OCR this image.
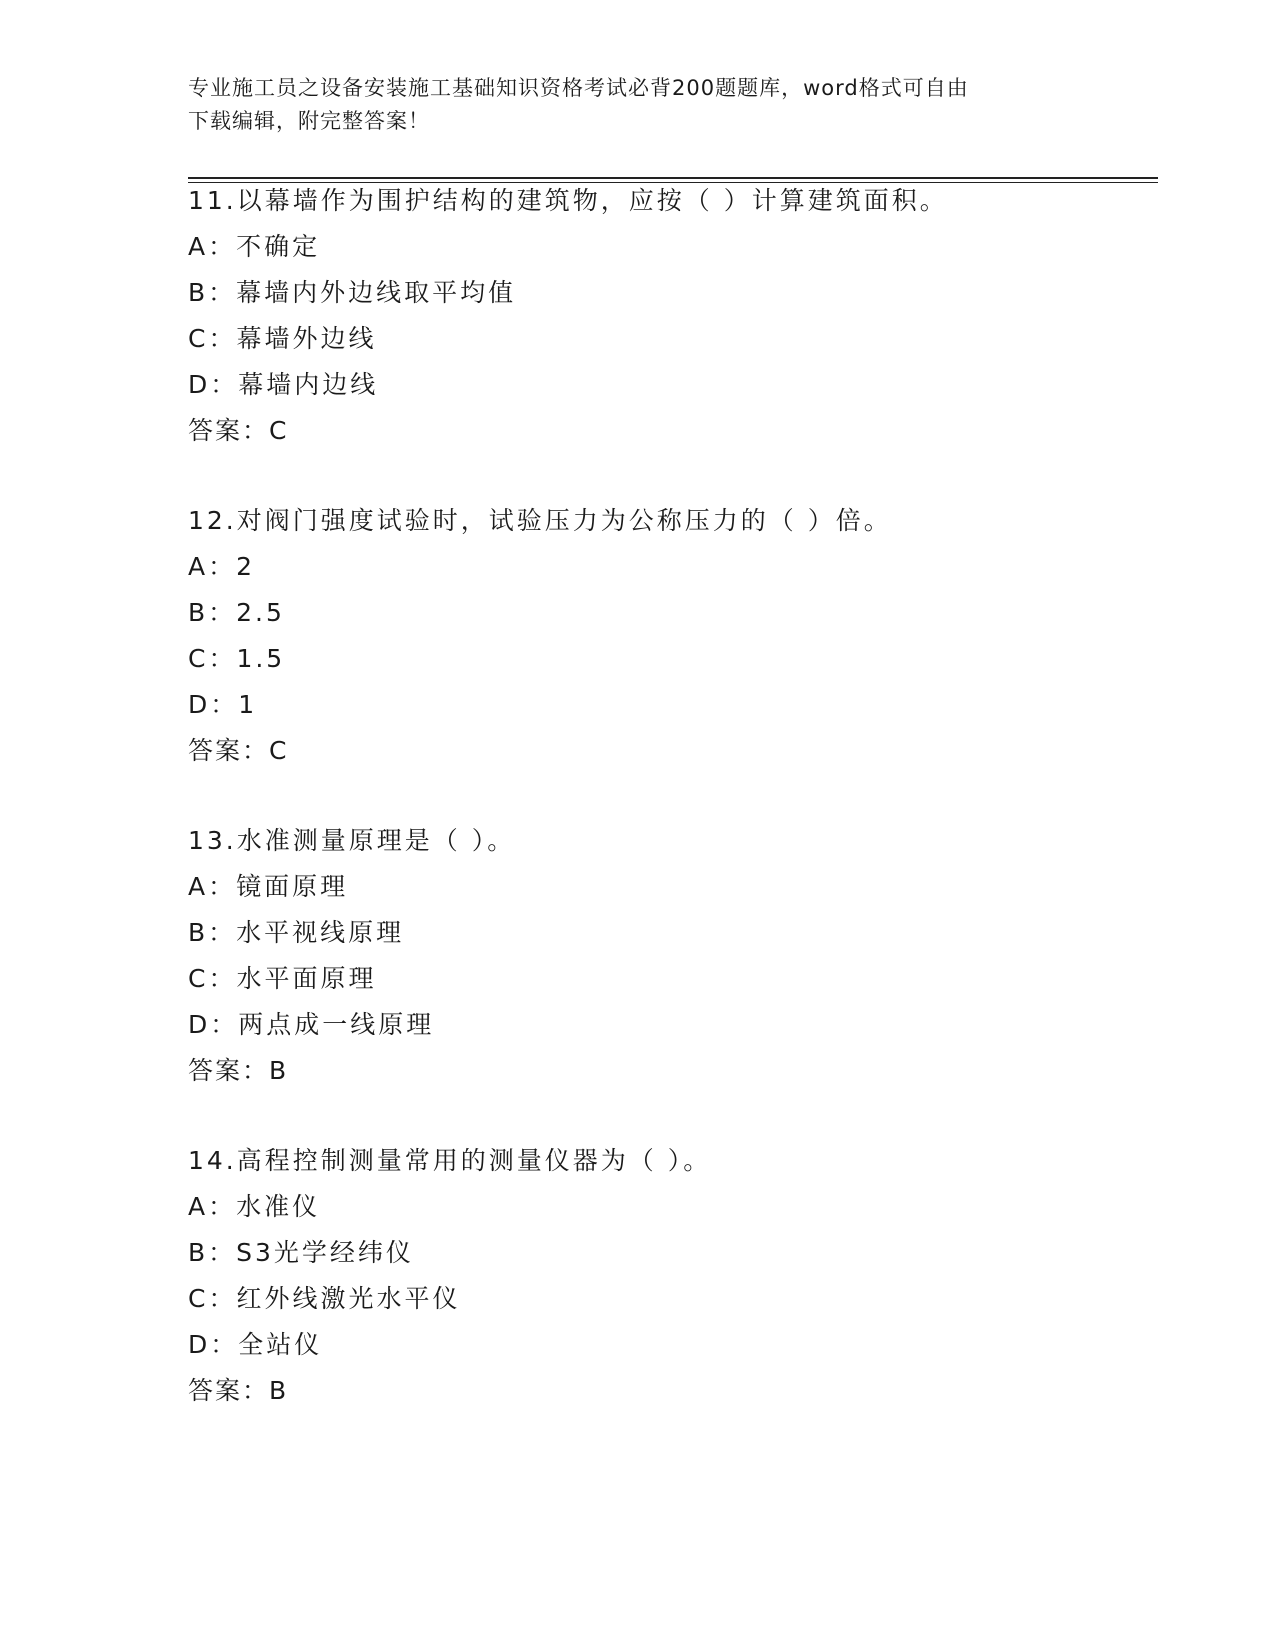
专业施工员之设备安装施工基础知识资格考试必背200题题库，word格式可自由
下载编辑，附完整答案！
11.以幕墙作为围护结构的建筑物，应按（ ）计算建筑面积。
A：不确定
B：幕墙内外边线取平均值
C：幕墙外边线
D：幕墙内边线
答案：C
12.对阀门强度试验时，试验压力为公称压力的（ ）倍。
A：2
B：2.5
C：1.5
D：1
答案：C
13.水准测量原理是（ ）。
A：镜面原理
B：水平视线原理
C：水平面原理
D：两点成一线原理
答案：B
14.高程控制测量常用的测量仪器为（ ）。
A：水准仪
B：S3光学经纬仪
C：红外线激光水平仪
D：全站仪
答案：B
